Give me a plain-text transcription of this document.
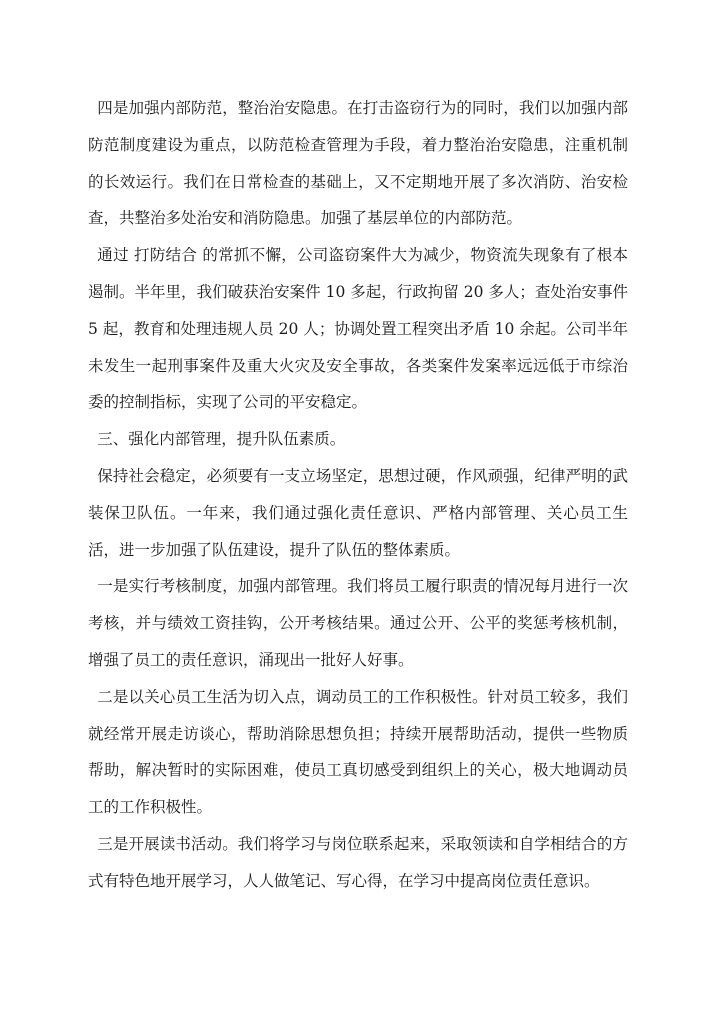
四是加强内部防范，整治治安隐患。在打击盗窃行为的同时，我们以加强内部防范制度建设为重点，以防范检查管理为手段，着力整治治安隐患，注重机制的长效运行。我们在日常检查的基础上，又不定期地开展了多次消防、治安检查，共整治多处治安和消防隐患。加强了基层单位的内部防范。

通过 打防结合 的常抓不懈，公司盗窃案件大为减少，物资流失现象有了根本遏制。半年里，我们破获治安案件 10 多起，行政拘留 20 多人；查处治安事件 5 起，教育和处理违规人员 20 人；协调处置工程突出矛盾 10 余起。公司半年未发生一起刑事案件及重大火灾及安全事故，各类案件发案率远远低于市综治委的控制指标，实现了公司的平安稳定。

三、强化内部管理，提升队伍素质。

保持社会稳定，必须要有一支立场坚定，思想过硬，作风顽强，纪律严明的武装保卫队伍。一年来，我们通过强化责任意识、严格内部管理、关心员工生活，进一步加强了队伍建设，提升了队伍的整体素质。

一是实行考核制度，加强内部管理。我们将员工履行职责的情况每月进行一次考核，并与绩效工资挂钩，公开考核结果。通过公开、公平的奖惩考核机制，增强了员工的责任意识，涌现出一批好人好事。

二是以关心员工生活为切入点，调动员工的工作积极性。针对员工较多，我们就经常开展走访谈心，帮助消除思想负担；持续开展帮助活动，提供一些物质帮助，解决暂时的实际困难，使员工真切感受到组织上的关心，极大地调动员工的工作积极性。

三是开展读书活动。我们将学习与岗位联系起来，采取领读和自学相结合的方式有特色地开展学习，人人做笔记、写心得，在学习中提高岗位责任意识。
